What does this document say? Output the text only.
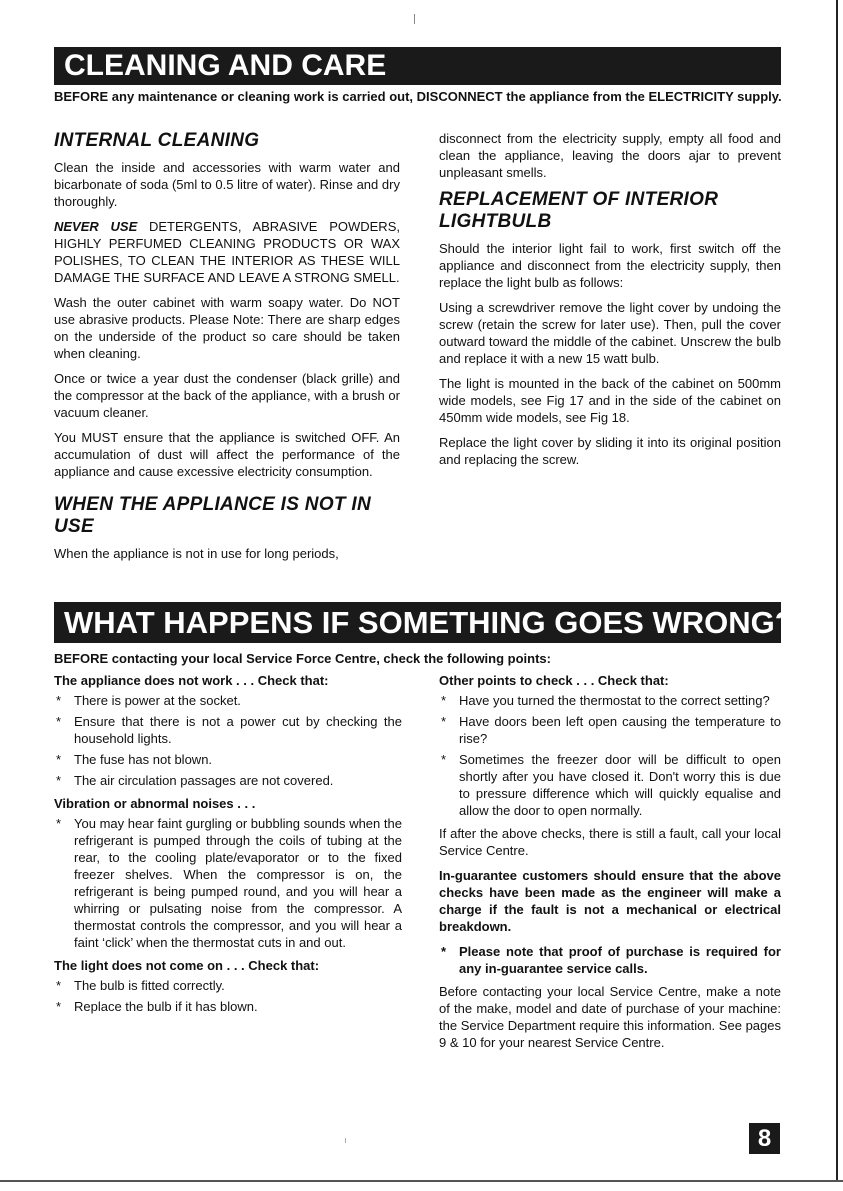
CLEANING AND CARE
BEFORE any maintenance or cleaning work is carried out, DISCONNECT the appliance from the ELECTRICITY supply.
INTERNAL CLEANING

Clean the inside and accessories with warm water and bicarbonate of soda (5ml to 0.5 litre of water). Rinse and dry thoroughly.

NEVER USE DETERGENTS, ABRASIVE POWDERS, HIGHLY PERFUMED CLEANING PRODUCTS OR WAX POLISHES, TO CLEAN THE INTERIOR AS THESE WILL DAMAGE THE SURFACE AND LEAVE A STRONG SMELL.

Wash the outer cabinet with warm soapy water. Do NOT use abrasive products. Please Note: There are sharp edges on the underside of the product so care should be taken when cleaning.

Once or twice a year dust the condenser (black grille) and the compressor at the back of the appliance, with a brush or vacuum cleaner.

You MUST ensure that the appliance is switched OFF. An accumulation of dust will affect the performance of the appliance and cause excessive electricity consumption.

WHEN THE APPLIANCE IS NOT IN USE

When the appliance is not in use for long periods,

disconnect from the electricity supply, empty all food and clean the appliance, leaving the doors ajar to prevent unpleasant smells.

REPLACEMENT OF INTERIOR LIGHTBULB

Should the interior light fail to work, first switch off the appliance and disconnect from the electricity supply, then replace the light bulb as follows:

Using a screwdriver remove the light cover by undoing the screw (retain the screw for later use). Then, pull the cover outward toward the middle of the cabinet. Unscrew the bulb and replace it with a new 15 watt bulb.

The light is mounted in the back of the cabinet on 500mm wide models, see Fig 17 and in the side of the cabinet on 450mm wide models, see Fig 18.

Replace the light cover by sliding it into its original position and replacing the screw.

WHAT HAPPENS IF SOMETHING GOES WRONG?
BEFORE contacting your local Service Force Centre, check the following points:
The appliance does not work . . . Check that:
* There is power at the socket.
* Ensure that there is not a power cut by checking the household lights.
* The fuse has not blown.
* The air circulation passages are not covered.
Vibration or abnormal noises . . .
* You may hear faint gurgling or bubbling sounds when the refrigerant is pumped through the coils of tubing at the rear, to the cooling plate/evaporator or to the fixed freezer shelves. When the compressor is on, the refrigerant is being pumped round, and you will hear a whirring or pulsating noise from the compressor. A thermostat controls the compressor, and you will hear a faint ‘click’ when the thermostat cuts in and out.
The light does not come on . . . Check that:
* The bulb is fitted correctly.
* Replace the bulb if it has blown.
Other points to check . . . Check that:
* Have you turned the thermostat to the correct setting?
* Have doors been left open causing the temperature to rise?
* Sometimes the freezer door will be difficult to open shortly after you have closed it. Don't worry this is due to pressure difference which will quickly equalise and allow the door to open normally.

If after the above checks, there is still a fault, call your local Service Centre.

In-guarantee customers should ensure that the above checks have been made as the engineer will make a charge if the fault is not a mechanical or electrical breakdown.

* Please note that proof of purchase is required for any in-guarantee service calls.

Before contacting your local Service Centre, make a note of the make, model and date of purchase of your machine: the Service Department require this information. See pages 9 & 10 for your nearest Service Centre.

8
